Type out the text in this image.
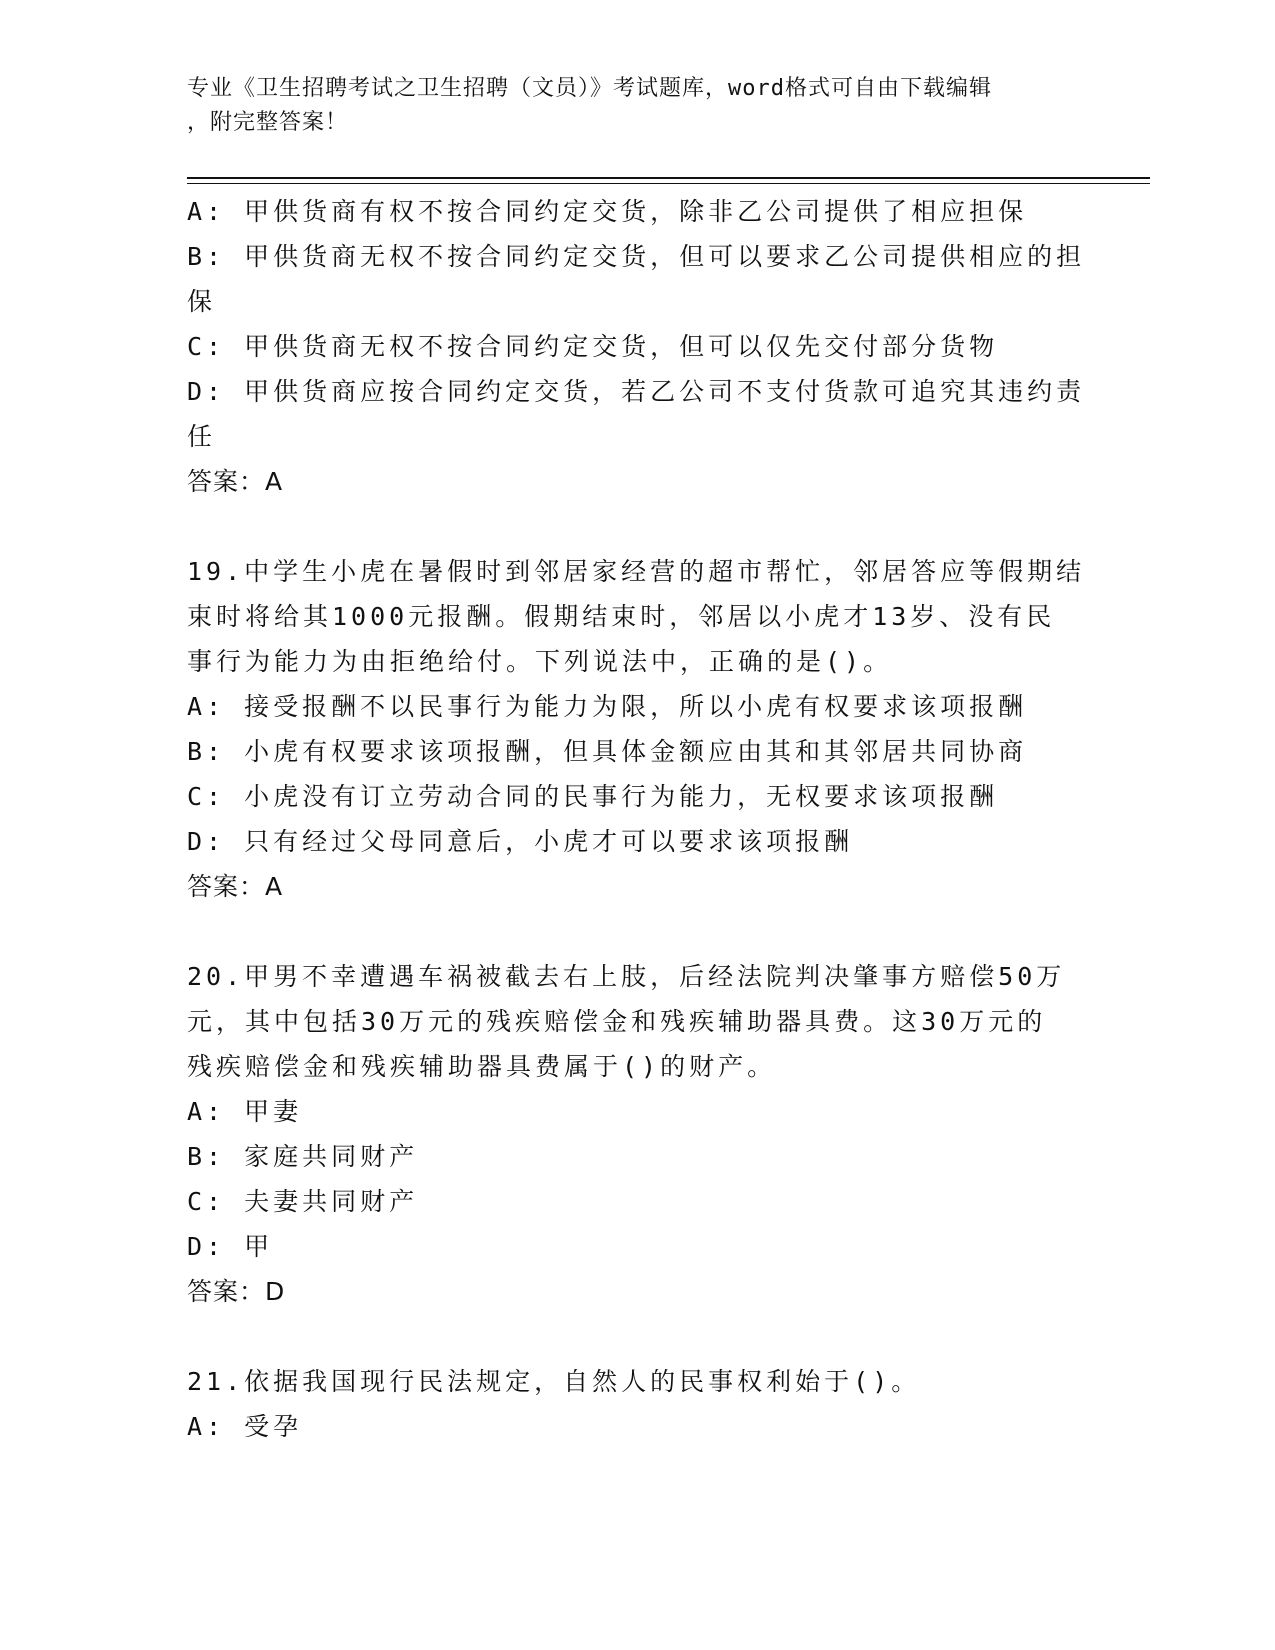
专业《卫生招聘考试之卫生招聘（文员）》考试题库，word格式可自由下载编辑
，附完整答案！

A: 甲供货商有权不按合同约定交货，除非乙公司提供了相应担保

B: 甲供货商无权不按合同约定交货，但可以要求乙公司提供相应的担

保

C: 甲供货商无权不按合同约定交货，但可以仅先交付部分货物

D: 甲供货商应按合同约定交货，若乙公司不支付货款可追究其违约责

任

答案：A

19.中学生小虎在暑假时到邻居家经营的超市帮忙，邻居答应等假期结

束时将给其1000元报酬。假期结束时，邻居以小虎才13岁、没有民

事行为能力为由拒绝给付。下列说法中，正确的是()。

A: 接受报酬不以民事行为能力为限，所以小虎有权要求该项报酬

B: 小虎有权要求该项报酬，但具体金额应由其和其邻居共同协商

C: 小虎没有订立劳动合同的民事行为能力，无权要求该项报酬

D: 只有经过父母同意后，小虎才可以要求该项报酬

答案：A

20.甲男不幸遭遇车祸被截去右上肢，后经法院判决肇事方赔偿50万

元，其中包括30万元的残疾赔偿金和残疾辅助器具费。这30万元的

残疾赔偿金和残疾辅助器具费属于()的财产。

A: 甲妻

B: 家庭共同财产

C: 夫妻共同财产

D: 甲

答案：D

21.依据我国现行民法规定，自然人的民事权利始于()。

A: 受孕
